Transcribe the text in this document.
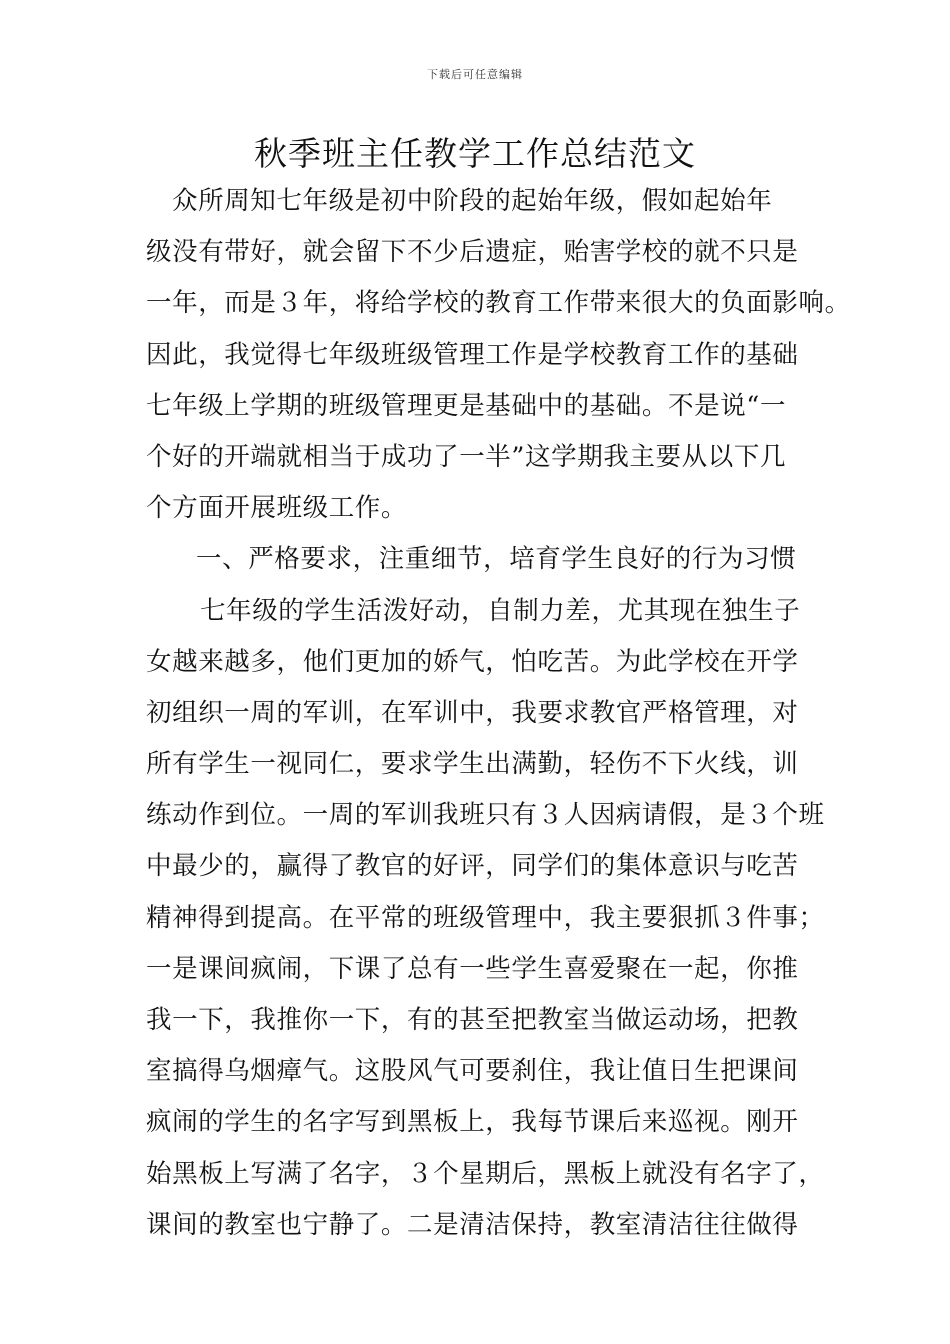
下载后可任意编辑
秋季班主任教学工作总结范文
众所周知七年级是初中阶段的起始年级，假如起始年
级没有带好，就会留下不少后遗症，贻害学校的就不只是
一年，而是３年，将给学校的教育工作带来很大的负面影响。
因此，我觉得七年级班级管理工作是学校教育工作的基础
七年级上学期的班级管理更是基础中的基础。不是说“一
个好的开端就相当于成功了一半”这学期我主要从以下几
个方面开展班级工作。
一、严格要求，注重细节，培育学生良好的行为习惯
七年级的学生活泼好动，自制力差，尤其现在独生子
女越来越多，他们更加的娇气，怕吃苦。为此学校在开学
初组织一周的军训，在军训中，我要求教官严格管理，对
所有学生一视同仁，要求学生出满勤，轻伤不下火线，训
练动作到位。一周的军训我班只有３人因病请假，是３个班
中最少的，赢得了教官的好评，同学们的集体意识与吃苦
精神得到提高。在平常的班级管理中，我主要狠抓３件事；
一是课间疯闹，下课了总有一些学生喜爱聚在一起，你推
我一下，我推你一下，有的甚至把教室当做运动场，把教
室搞得乌烟瘴气。这股风气可要刹住，我让值日生把课间
疯闹的学生的名字写到黑板上，我每节课后来巡视。刚开
始黑板上写满了名字，３个星期后，黑板上就没有名字了，
课间的教室也宁静了。二是清洁保持，教室清洁往往做得
